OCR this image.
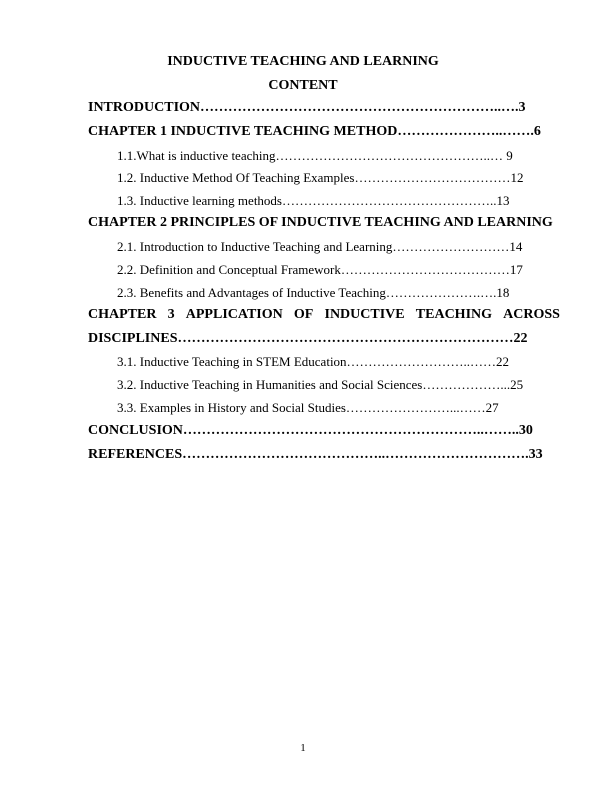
INDUCTIVE TEACHING AND LEARNING
CONTENT
INTRODUCTION………………………………………………………..….3
CHAPTER 1 INDUCTIVE TEACHING METHOD…………………..…….6
1.1.What is inductive teaching…………………………………………..… 9
1.2. Inductive Method Of Teaching Examples………………………………12
1.3. Inductive learning methods…………………………………………..13
CHAPTER 2 PRINCIPLES OF INDUCTIVE TEACHING AND LEARNING
2.1. Introduction to Inductive Teaching and Learning………………………14
2.2. Definition and Conceptual Framework…………………………………17
2.3. Benefits and Advantages of Inductive Teaching………………….….18
CHAPTER 3 APPLICATION OF INDUCTIVE TEACHING ACROSS
DISCIPLINES………………………………………………………………22
3.1. Inductive Teaching in STEM Education………………………..……22
3.2. Inductive Teaching in Humanities and Social Sciences………………...25
3.3. Examples in History and Social Studies……………………...……27
CONCLUSION………………………………………………………..……..30
REFERENCES……………………………………..………………………….33
1
